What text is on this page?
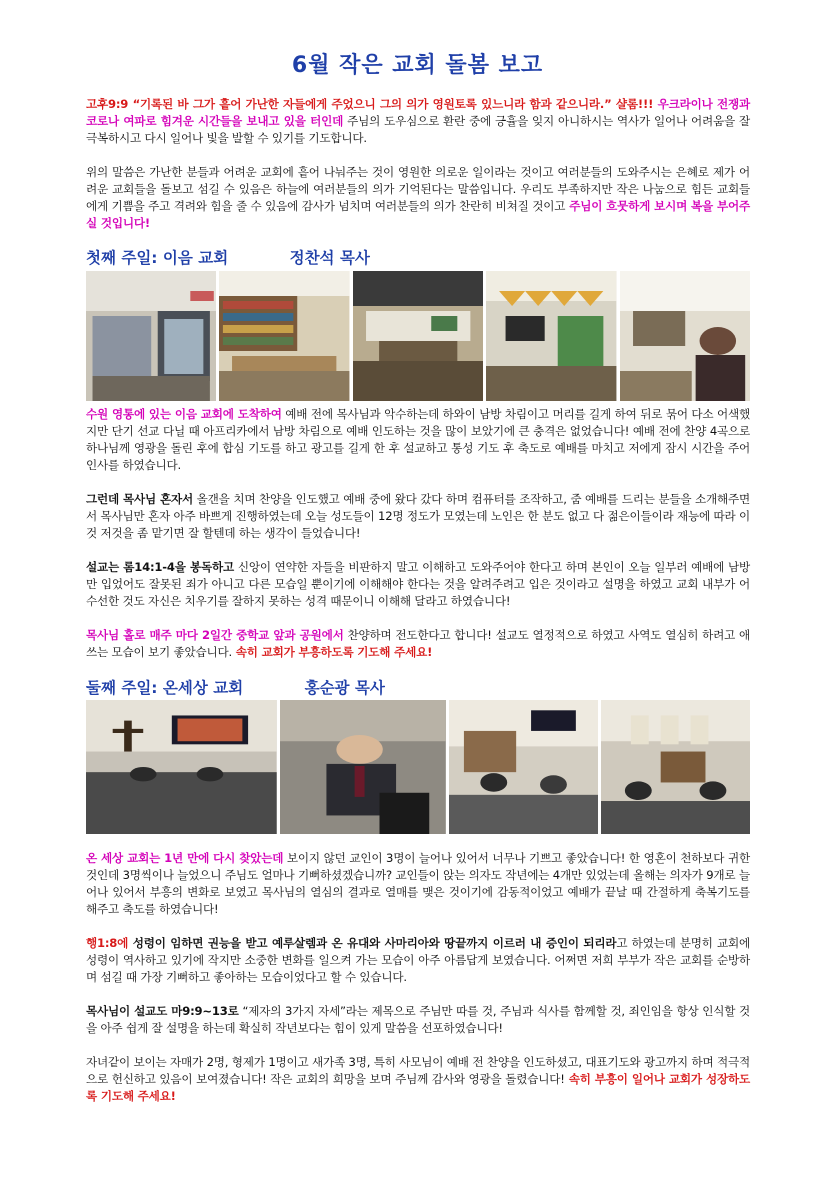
6월 작은 교회 돌봄 보고
고후9:9 “기록된 바 그가 흩어 가난한 자들에게 주었으니 그의 의가 영원토록 있느니라 함과 같으니라.” 샬롬!!! 우크라이나 전쟁과 코로나 여파로 힘겨운 시간들을 보내고 있을 터인데 주님의 도우심으로 환란 중에 긍휼을 잊지 아니하시는 역사가 일어나 어려움을 잘 극복하시고 다시 일어나 빛을 발할 수 있기를 기도합니다.
위의 말씀은 가난한 분들과 어려운 교회에 흩어 나눠주는 것이 영원한 의로운 일이라는 것이고 여러분들의 도와주시는 은혜로 제가 어려운 교회들을 돌보고 섬길 수 있음은 하늘에 여러분들의 의가 기억된다는 말씀입니다. 우리도 부족하지만 작은 나눔으로 힘든 교회들에게 기쁨을 주고 격려와 힘을 줄 수 있음에 감사가 넘치며 여러분들의 의가 찬란히 비쳐질 것이고 주님이 흐뭇하게 보시며 복을 부어주실 것입니다!
첫째 주일: 이음 교회	정찬석 목사
수원 영통에 있는 이음 교회에 도착하여 예배 전에 목사님과 악수하는데 하와이 남방 차림이고 머리를 길게 하여 뒤로 묶어 다소 어색했지만 단기 선교 다닐 때 아프리카에서 남방 차림으로 예배 인도하는 것을 많이 보았기에 큰 충격은 없었습니다! 예배 전에 찬양 4곡으로 하나님께 영광을 돌린 후에 합심 기도를 하고 광고를 길게 한 후 설교하고 통성 기도 후 축도로 예배를 마치고 저에게 잠시 시간을 주어 인사를 하였습니다.
그런데 목사님 혼자서 올갠을 치며 찬양을 인도했고 예배 중에 왔다 갔다 하며 컴퓨터를 조작하고, 줌 예배를 드리는 분들을 소개해주면서 목사님만 혼자 아주 바쁘게 진행하였는데 오늘 성도들이 12명 정도가 모였는데 노인은 한 분도 없고 다 젊은이들이라 재능에 따라 이것 저것을 좀 맡기면 잘 할텐데 하는 생각이 들었습니다!
설교는 롬14:1-4을 봉독하고 신앙이 연약한 자들을 비판하지 말고 이해하고 도와주어야 한다고 하며 본인이 오늘 일부러 예배에 남방만 입었어도 잘못된 죄가 아니고 다른 모습일 뿐이기에 이해해야 한다는 것을 알려주려고 입은 것이라고 설명을 하였고 교회 내부가 어수선한 것도 자신은 치우기를 잘하지 못하는 성격 때문이니 이해해 달라고 하였습니다!
목사님 홀로 매주 마다 2일간 중학교 앞과 공원에서 찬양하며 전도한다고 합니다! 설교도 열정적으로 하였고 사역도 열심히 하려고 애쓰는 모습이 보기 좋았습니다. 속히 교회가 부흥하도록 기도해 주세요!
둘째 주일: 온세상 교회	홍순광 목사
온 세상 교회는 1년 만에 다시 찾았는데 보이지 않던 교인이 3명이 늘어나 있어서 너무나 기쁘고 좋았습니다! 한 영혼이 천하보다 귀한 것인데 3명씩이나 늘었으니 주님도 얼마나 기뻐하셨겠습니까? 교인들이 앉는 의자도 작년에는 4개만 있었는데 올해는 의자가 9개로 늘어나 있어서 부흥의 변화로 보였고 목사님의 열심의 결과로 열매를 맺은 것이기에 감동적이었고 예배가 끝날 때 간절하게 축복기도를 해주고 축도를 하였습니다!
행1:8에 성령이 임하면 권능을 받고 예루살렘과 온 유대와 사마리아와 땅끝까지 이르러 내 증인이 되리라고 하였는데 분명히 교회에 성령이 역사하고 있기에 작지만 소중한 변화를 일으켜 가는 모습이 아주 아름답게 보였습니다. 어쩌면 저희 부부가 작은 교회를 순방하며 섬길 때 가장 기뻐하고 좋아하는 모습이었다고 할 수 있습니다.
목사님이 설교도 마9:9~13로 “제자의 3가지 자세”라는 제목으로 주님만 따를 것, 주님과 식사를 함께할 것, 죄인임을 항상 인식할 것을 아주 쉽게 잘 설명을 하는데 확실히 작년보다는 힘이 있게 말씀을 선포하였습니다!
자녀같이 보이는 자매가 2명, 형제가 1명이고 새가족 3명, 특히 사모님이 예배 전 찬양을 인도하셨고, 대표기도와 광고까지 하며 적극적으로 헌신하고 있음이 보여졌습니다! 작은 교회의 희망을 보며 주님께 감사와 영광을 돌렸습니다! 속히 부흥이 일어나 교회가 성장하도록 기도해 주세요!
